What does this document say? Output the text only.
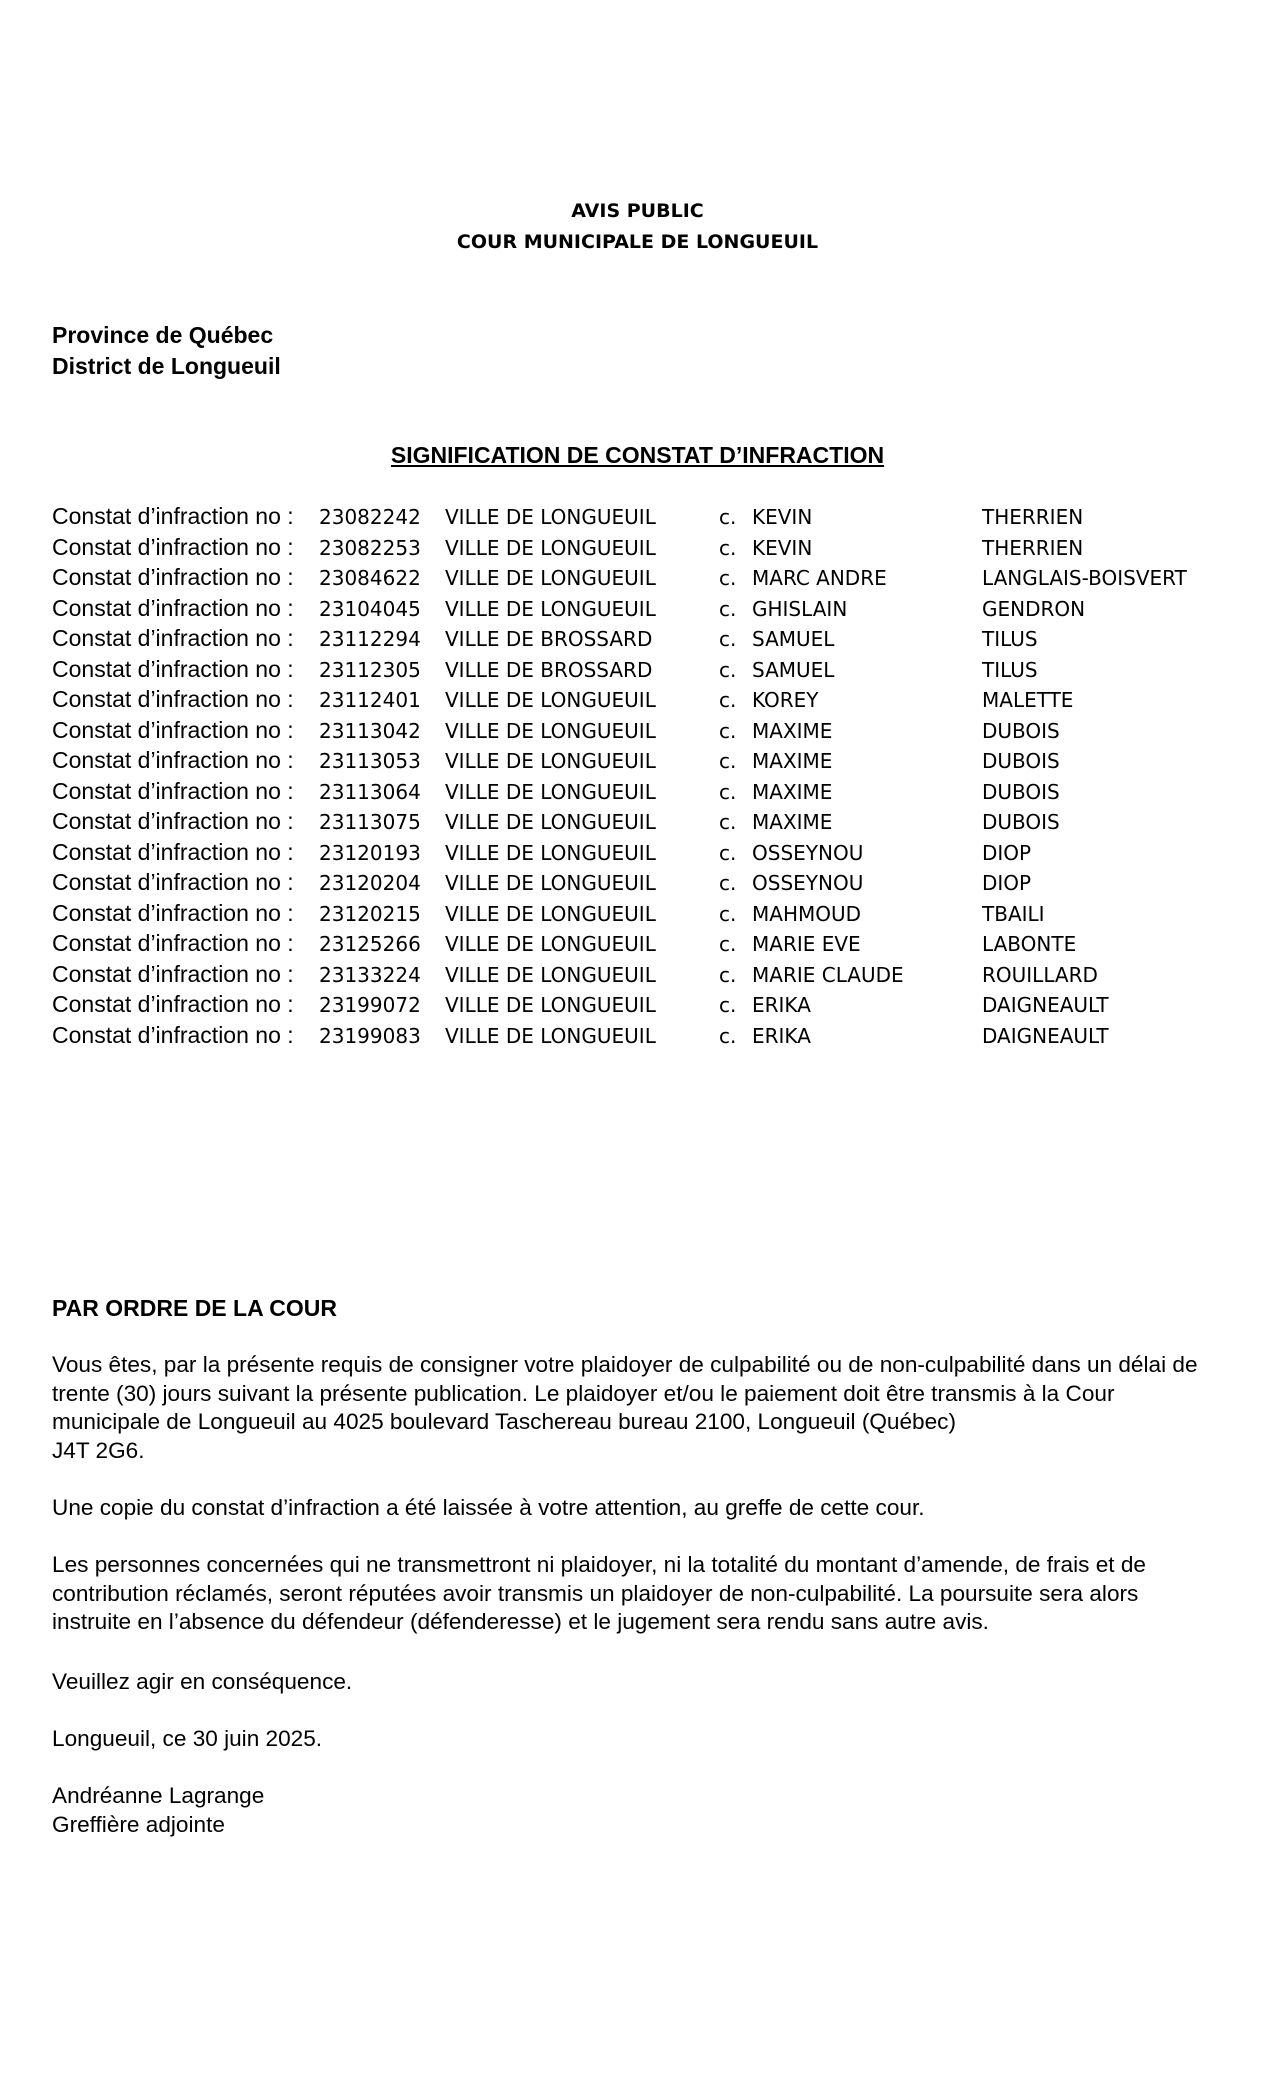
AVIS PUBLIC
COUR MUNICIPALE DE LONGUEUIL
Province de Québec
District de Longueuil
SIGNIFICATION DE CONSTAT D’INFRACTION
Constat d’infraction no : 23082242 VILLE DE LONGUEUIL	c. KEVIN	THERRIEN
Constat d’infraction no : 23082253 VILLE DE LONGUEUIL	c. KEVIN	THERRIEN
Constat d’infraction no : 23084622 VILLE DE LONGUEUIL	c. MARC ANDRE	LANGLAIS-BOISVERT
Constat d’infraction no : 23104045 VILLE DE LONGUEUIL	c. GHISLAIN	GENDRON
Constat d’infraction no : 23112294 VILLE DE BROSSARD	c. SAMUEL	TILUS
Constat d’infraction no : 23112305 VILLE DE BROSSARD	c. SAMUEL	TILUS
Constat d’infraction no : 23112401 VILLE DE LONGUEUIL	c. KOREY	MALETTE
Constat d’infraction no : 23113042 VILLE DE LONGUEUIL	c. MAXIME	DUBOIS
Constat d’infraction no : 23113053 VILLE DE LONGUEUIL	c. MAXIME	DUBOIS
Constat d’infraction no : 23113064 VILLE DE LONGUEUIL	c. MAXIME	DUBOIS
Constat d’infraction no : 23113075 VILLE DE LONGUEUIL	c. MAXIME	DUBOIS
Constat d’infraction no : 23120193 VILLE DE LONGUEUIL	c. OSSEYNOU	DIOP
Constat d’infraction no : 23120204 VILLE DE LONGUEUIL	c. OSSEYNOU	DIOP
Constat d’infraction no : 23120215 VILLE DE LONGUEUIL	c. MAHMOUD	TBAILI
Constat d’infraction no : 23125266 VILLE DE LONGUEUIL	c. MARIE EVE	LABONTE
Constat d’infraction no : 23133224 VILLE DE LONGUEUIL	c. MARIE CLAUDE	ROUILLARD
Constat d’infraction no : 23199072 VILLE DE LONGUEUIL	c. ERIKA	DAIGNEAULT
Constat d’infraction no : 23199083 VILLE DE LONGUEUIL	c. ERIKA	DAIGNEAULT
PAR ORDRE DE LA COUR
Vous êtes, par la présente requis de consigner votre plaidoyer de culpabilité ou de non-culpabilité dans un délai de
trente (30) jours suivant la présente publication. Le plaidoyer et/ou le paiement doit être transmis à la Cour
municipale de Longueuil au 4025 boulevard Taschereau bureau 2100, Longueuil (Québec)
J4T 2G6.
Une copie du constat d’infraction a été laissée à votre attention, au greffe de cette cour.
Les personnes concernées qui ne transmettront ni plaidoyer, ni la totalité du montant d’amende, de frais et de
contribution réclamés, seront réputées avoir transmis un plaidoyer de non-culpabilité. La poursuite sera alors
instruite en l’absence du défendeur (défenderesse) et le jugement sera rendu sans autre avis.
Veuillez agir en conséquence.
Longueuil, ce 30 juin 2025.
Andréanne Lagrange
Greffière adjointe
